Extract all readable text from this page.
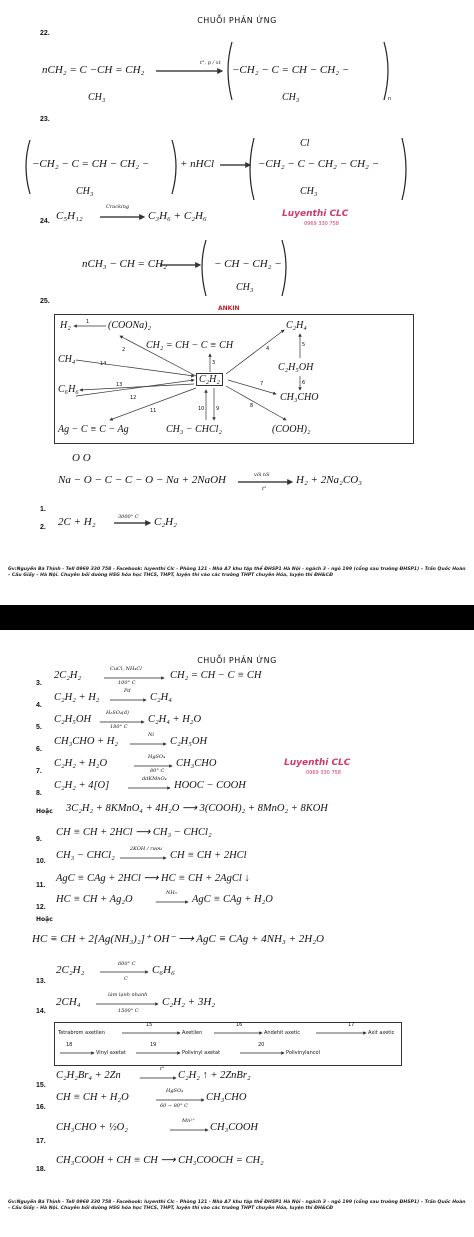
CHUỖI PHẢN ỨNG
22.
nCH₂ = C −CH = CH₂
CH₃
t°, p / xt
−CH₂ − C = CH − CH₂ −
CH₃	n
23.
−CH₂ − C = CH − CH₂ −
CH₃
+ nHCl	−CH₂ − C − CH₂ − CH₂ −
Cl
CH₃
24. C₅H₁₂
Cracking
C₃H₆ + C₂H₆	Luyenthi CLC
0969 330 758
nCH₃ − CH = CH₂	− CH − CH₂ −
CH₃
25.
ANKIN
H₂	(COONa)₂	C₂H₄
CH₂ = CH − C ≡ CH
CH₄
C₂H₂
C₂H₅OH
C₆H₆
CH₃CHO
Ag − C ≡ C − Ag	CH₃ − CHCl₂	(COOH)₂
1
2
3
4
5
6
7
8
9
10
11
12
13
14
O O
Na − O − C − C − O − Na + 2NaOH	vôi tôi
t°
H₂ + 2Na₂CO₃
1.
2. 2C + H₂	3000° C C₂H₂
Gv:Nguyễn Bá Thịnh - Tell 0969 330 758 - Facebook: luyenthi Clc - Phòng 121 - Nhà A7 khu tập thể ĐHSP1 Hà Nội - ngách 3 - ngõ 199 (cổng sau trường ĐHSP1) – Trần Quốc Hoàn – Cầu Giấy – Hà Nội. Chuyên bồi dưỡng HSG hóa học THCS, THPT, luyện thi vào các trường THPT chuyên Hóa, luyện thi ĐH&CĐ
CHUỖI PHẢN ỨNG
3.
2C₂H₂
CuCl, NH₄Cl
100° C
CH₂ = CH − C ≡ CH
4.
C₂H₂ + H₂
Pd
C₂H₄
5.
C₂H₅OH
H₂SO₄(đ)
180° C
C₂H₄ + H₂O
6.
CH₃CHO + H₂
Ni
C₂H₅OH
7.
C₂H₂ + H₂O
HgSO₄
80° C
CH₃CHO	Luyenthi CLC
0969 330 758
8.
C₂H₂ + 4[O]
ddKMnO₄
HOOC − COOH
Hoặc 3C₂H₂ + 8KMnO₄ + 4H₂O ⟶ 3(COOH)₂ + 8MnO₂ + 8KOH
9.
CH ≡ CH + 2HCl ⟶ CH₃ − CHCl₂
10.
CH₃ − CHCl₂
2KOH / rượu
CH ≡ CH + 2HCl
11.
AgC ≡ CAg + 2HCl ⟶ HC ≡ CH + 2AgCl ↓
12.
HC ≡ CH + Ag₂O
NH₃
AgC ≡ CAg + H₂O
Hoặc
HC ≡ CH + 2[Ag(NH₃)₂]⁺ OH⁻ ⟶ AgC ≡ CAg + 4NH₃ + 2H₂O
13.
2C₂H₂	600° C
C
C₆H₆
14.
2CH₄
làm lạnh nhanh
1500° C
C₂H₂ + 3H₂
Tetrabrom axetilen
15
Axetilen
16
Andehit axetic
17
Axit axetic
18
Vinyl axetat
19
Polivinyl axetat
20
Polivinylancol
15.
C₂H₂Br₄ + 2Zn
t°
C₂H₂ ↑ + 2ZnBr₂
16.
CH ≡ CH + H₂O
HgSO₄
60 − 80° C
CH₃CHO
17.
CH₃CHO + ½O₂
Mn²⁺
CH₃COOH
18.
CH₃COOH + CH ≡ CH ⟶ CH₃COOCH = CH₂
Gv:Nguyễn Bá Thịnh - Tell 0969 330 758 - Facebook: luyenthi Clc - Phòng 121 - Nhà A7 khu tập thể ĐHSP1 Hà Nội - ngách 3 - ngõ 199 (cổng sau trường ĐHSP1) – Trần Quốc Hoàn – Cầu Giấy – Hà Nội. Chuyên bồi dưỡng HSG hóa học THCS, THPT, luyện thi vào các trường THPT chuyên Hóa, luyện thi ĐH&CĐ
